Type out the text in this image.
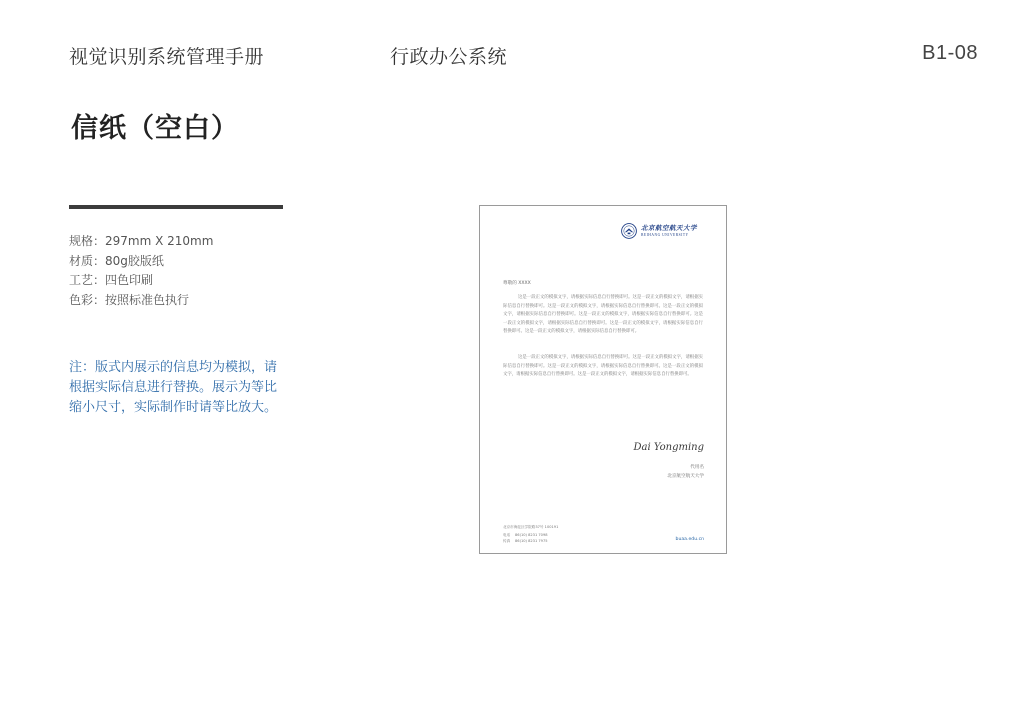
视觉识别系统管理手册	行政办公系统	B1-08
信纸（空白）
规格：297mm X 210mm
材质：80g胶版纸
工艺：四色印刷
色彩：按照标准色执行
注：版式内展示的信息均为模拟，请根据实际信息进行替换。展示为等比缩小尺寸，实际制作时请等比放大。
北京航空航天大学
BEIHANG UNIVERSITY
尊敬的 XXXX
这是一段正文的模拟文字，请根据实际信息自行替换即可。这是一段正文的模拟文字，请根据实际信息自行替换即可。这是一段正文的模拟文字，请根据实际信息自行替换即可。这是一段正文的模拟文字，请根据实际信息自行替换即可。这是一段正文的模拟文字，请根据实际信息自行替换即可。这是一段正文的模拟文字，请根据实际信息自行替换即可。这是一段正文的模拟文字，请根据实际信息自行替换即可。这是一段正文的模拟文字，请根据实际信息自行替换即可。
这是一段正文的模拟文字，请根据实际信息自行替换即可。这是一段正文的模拟文字，请根据实际信息自行替换即可。这是一段正文的模拟文字，请根据实际信息自行替换即可。这是一段正文的模拟文字，请根据实际信息自行替换即可。这是一段正文的模拟文字，请根据实际信息自行替换即可。
Dai Yongming
代用名
北京航空航天大学
北京市海淀区学院路37号 100191
电话 86(10) 8231 7098
传真 86(10) 8231 7975	buaa.edu.cn
